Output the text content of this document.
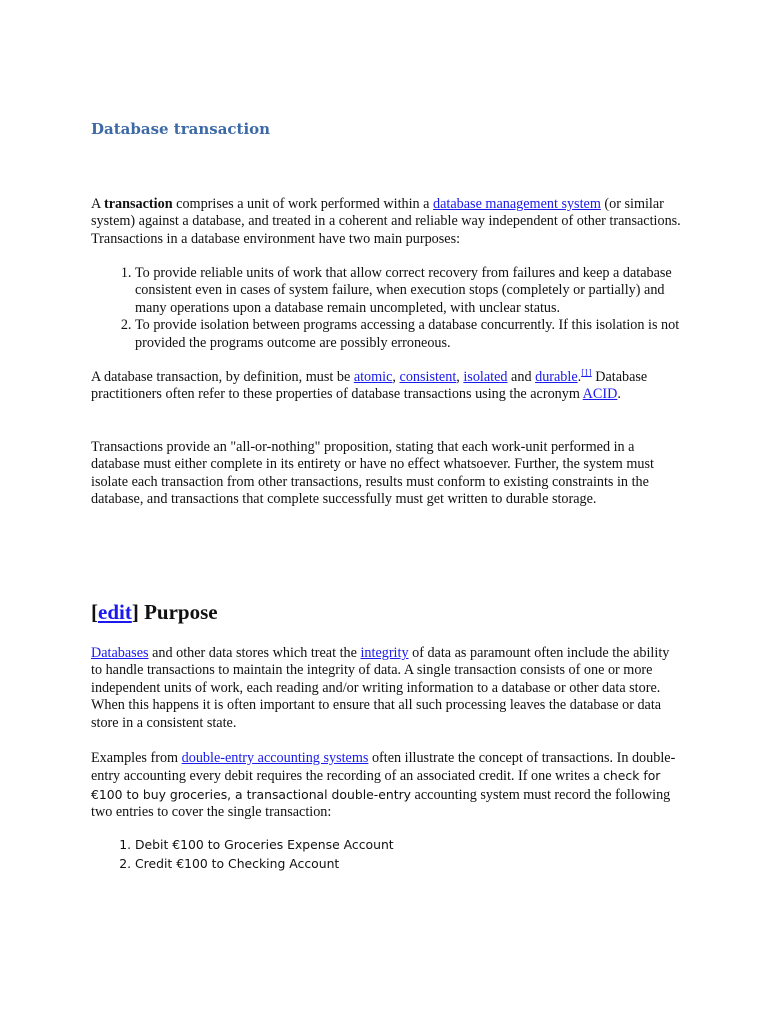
Database transaction

A transaction comprises a unit of work performed within a database management system (or similar system) against a database, and treated in a coherent and reliable way independent of other transactions. Transactions in a database environment have two main purposes:

1. To provide reliable units of work that allow correct recovery from failures and keep a database consistent even in cases of system failure, when execution stops (completely or partially) and many operations upon a database remain uncompleted, with unclear status.
2. To provide isolation between programs accessing a database concurrently. If this isolation is not provided the programs outcome are possibly erroneous.

A database transaction, by definition, must be atomic, consistent, isolated and durable.[1] Database practitioners often refer to these properties of database transactions using the acronym ACID.

Transactions provide an "all-or-nothing" proposition, stating that each work-unit performed in a database must either complete in its entirety or have no effect whatsoever. Further, the system must isolate each transaction from other transactions, results must conform to existing constraints in the database, and transactions that complete successfully must get written to durable storage.

[edit] Purpose

Databases and other data stores which treat the integrity of data as paramount often include the ability to handle transactions to maintain the integrity of data. A single transaction consists of one or more independent units of work, each reading and/or writing information to a database or other data store. When this happens it is often important to ensure that all such processing leaves the database or data store in a consistent state.

Examples from double-entry accounting systems often illustrate the concept of transactions. In double-entry accounting every debit requires the recording of an associated credit. If one writes a check for €100 to buy groceries, a transactional double-entry accounting system must record the following two entries to cover the single transaction:

1. Debit €100 to Groceries Expense Account
2. Credit €100 to Checking Account
